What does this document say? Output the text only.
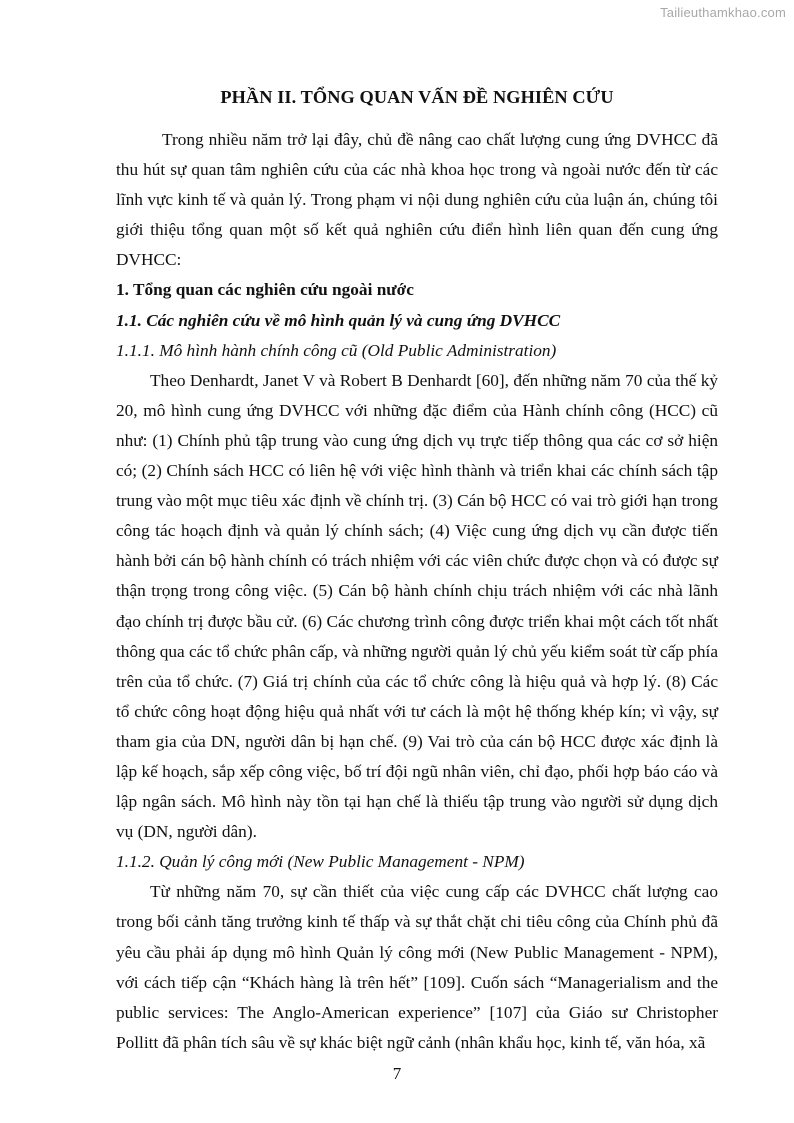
Tailieuthamkhao.com
PHẦN II. TỔNG QUAN VẤN ĐỀ NGHIÊN CỨU

Trong nhiều năm trở lại đây, chủ đề nâng cao chất lượng cung ứng DVHCC đã thu hút sự quan tâm nghiên cứu của các nhà khoa học trong và ngoài nước đến từ các lĩnh vực kinh tế và quản lý. Trong phạm vi nội dung nghiên cứu của luận án, chúng tôi giới thiệu tổng quan một số kết quả nghiên cứu điển hình liên quan đến cung ứng DVHCC:

1. Tổng quan các nghiên cứu ngoài nước
1.1. Các nghiên cứu về mô hình quản lý và cung ứng DVHCC
1.1.1. Mô hình hành chính công cũ (Old Public Administration)

Theo Denhardt, Janet V và Robert B Denhardt [60], đến những năm 70 của thế kỷ 20, mô hình cung ứng DVHCC với những đặc điểm của Hành chính công (HCC) cũ như: (1) Chính phủ tập trung vào cung ứng dịch vụ trực tiếp thông qua các cơ sở hiện có; (2) Chính sách HCC có liên hệ với việc hình thành và triển khai các chính sách tập trung vào một mục tiêu xác định về chính trị. (3) Cán bộ HCC có vai trò giới hạn trong công tác hoạch định và quản lý chính sách; (4) Việc cung ứng dịch vụ cần được tiến hành bởi cán bộ hành chính có trách nhiệm với các viên chức được chọn và có được sự thận trọng trong công việc. (5) Cán bộ hành chính chịu trách nhiệm với các nhà lãnh đạo chính trị được bầu cử. (6) Các chương trình công được triển khai một cách tốt nhất thông qua các tổ chức phân cấp, và những người quản lý chủ yếu kiểm soát từ cấp phía trên của tổ chức. (7) Giá trị chính của các tổ chức công là hiệu quả và hợp lý. (8) Các tổ chức công hoạt động hiệu quả nhất với tư cách là một hệ thống khép kín; vì vậy, sự tham gia của DN, người dân bị hạn chế. (9) Vai trò của cán bộ HCC được xác định là lập kế hoạch, sắp xếp công việc, bố trí đội ngũ nhân viên, chỉ đạo, phối hợp báo cáo và lập ngân sách. Mô hình này tồn tại hạn chế là thiếu tập trung vào người sử dụng dịch vụ (DN, người dân).

1.1.2. Quản lý công mới (New Public Management - NPM)

Từ những năm 70, sự cần thiết của việc cung cấp các DVHCC chất lượng cao trong bối cảnh tăng trưởng kinh tế thấp và sự thắt chặt chi tiêu công của Chính phủ đã yêu cầu phải áp dụng mô hình Quản lý công mới (New Public Management - NPM), với cách tiếp cận “Khách hàng là trên hết” [109]. Cuốn sách “Managerialism and the public services: The Anglo-American experience” [107] của Giáo sư Christopher Pollitt đã phân tích sâu về sự khác biệt ngữ cảnh (nhân khẩu học, kinh tế, văn hóa, xã

7
